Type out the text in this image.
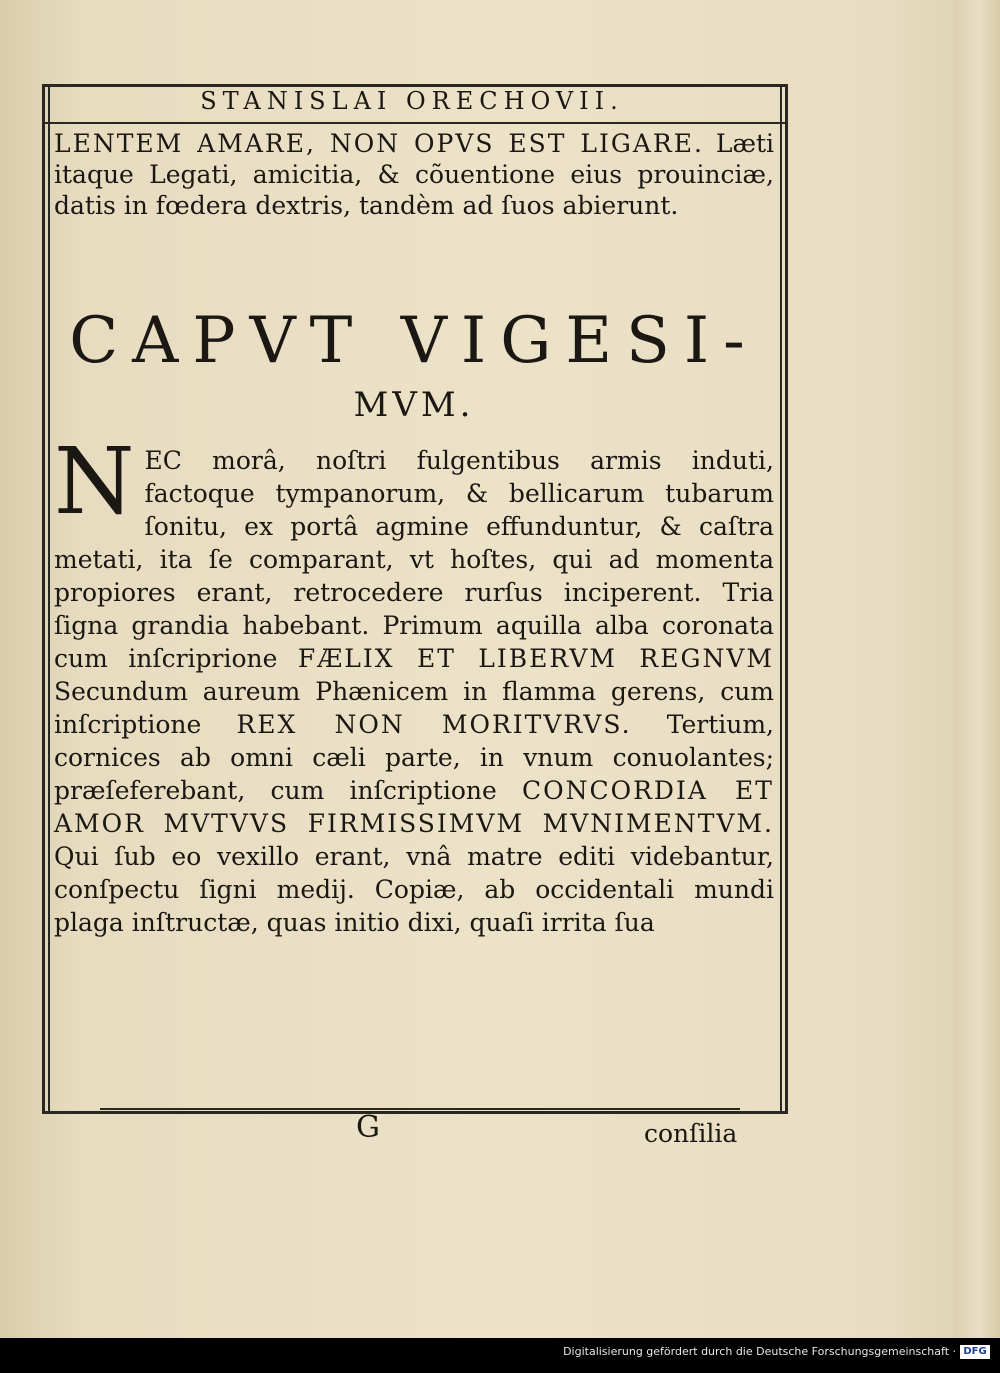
STANISLAI ORECHOVII.
LENTEM AMARE, NON OPVS EST LIGARE. Læti itaque Legati, amicitia, & cõuentione eius prouinciæ, datis in fœdera dextris, tandèm ad ſuos abierunt.
CAPVT VIGESI-
MVM.
NEC morâ, noſtri fulgentibus armis induti, factoque tympanorum, & bellicarum tubarum ſonitu, ex portâ agmine effunduntur, & caſtra metati, ita ſe comparant, vt hoſtes, qui ad momenta propiores erant, retrocedere rurſus inciperent. Tria ſigna grandia habebant. Primum aquilla alba coronata cum inſcriprione FÆLIX ET LIBERVM REGNVM Secundum aureum Phænicem in flamma gerens, cum inſcriptione REX NON MORITVRVS. Tertium, cornices ab omni cæli parte, in vnum conuolantes; præſeferebant, cum inſcriptione CONCORDIA ET AMOR MVTVVS FIRMISSIMVM MVNIMENTVM. Qui ſub eo vexillo erant, vnâ matre editi videbantur, conſpectu ſigni medij. Copiæ, ab occidentali mundi plaga inſtructæ, quas initio dixi, quaſi irrita ſua
G	conſilia
Digitalisierung gefördert durch die Deutsche Forschungsgemeinschaft · DFG
